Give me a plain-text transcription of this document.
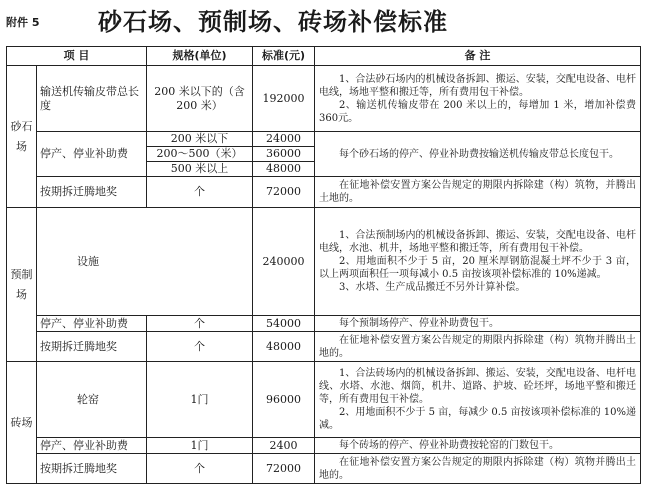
附件 5 砂石场、预制场、砖场补偿标准
项 目		规格(单位)	标准(元)	备 注
砂石场	输送机传输皮带总长度	200 米以下的（含 200 米）	192000	1、合法砂石场内的机械设备拆卸、搬运、安装，交配电设备、电杆电线，场地平整和搬迁等，所有费用包干补偿。

2、输送机传输皮带在 200 米以上的，每增加 1 米，增加补偿费 360元。

	停产、停业补助费	200 米以下	24000	每个砂石场的停产、停业补助费按输送机传输皮带总长度包干。

		200～500（米）	36000	
		500 米以上	48000	
	按期拆迁腾地奖	个	72000	在征地补偿安置方案公告规定的期限内拆除建（构）筑物，并腾出土地的。

预制场	设施		240000	1、合法预制场内的机械设备拆卸、搬运、安装，交配电设备、电杆电线，水池、机井，场地平整和搬迁等，所有费用包干补偿。

2、用地面积不少于 5 亩，20 厘米厚钢筋混凝土坪不少于 3 亩，以上两项面积任一项每减小 0.5 亩按该项补偿标准的 10%递减。

3、水塔、生产成品搬迁不另外计算补偿。

	停产、停业补助费	个	54000	每个预制场停产、停业补助费包干。

	按期拆迁腾地奖	个	48000	在征地补偿安置方案公告规定的期限内拆除建（构）筑物并腾出土地的。

砖场	轮窑	1门	96000	1、合法砖场内的机械设备拆卸、搬运、安装，交配电设备、电杆电线、水塔、水池、烟筒，机井、道路、护坡、砼坯坪，场地平整和搬迁等，所有费用包干补偿。

2、用地面积不少于 5 亩，每减少 0.5 亩按该项补偿标准的 10%递减。

	停产、停业补助费	1门	2400	每个砖场的停产、停业补助费按轮窑的门数包干。

	按期拆迁腾地奖	个	72000	在征地补偿安置方案公告规定的期限内拆除建（构）筑物并腾出土地的。
